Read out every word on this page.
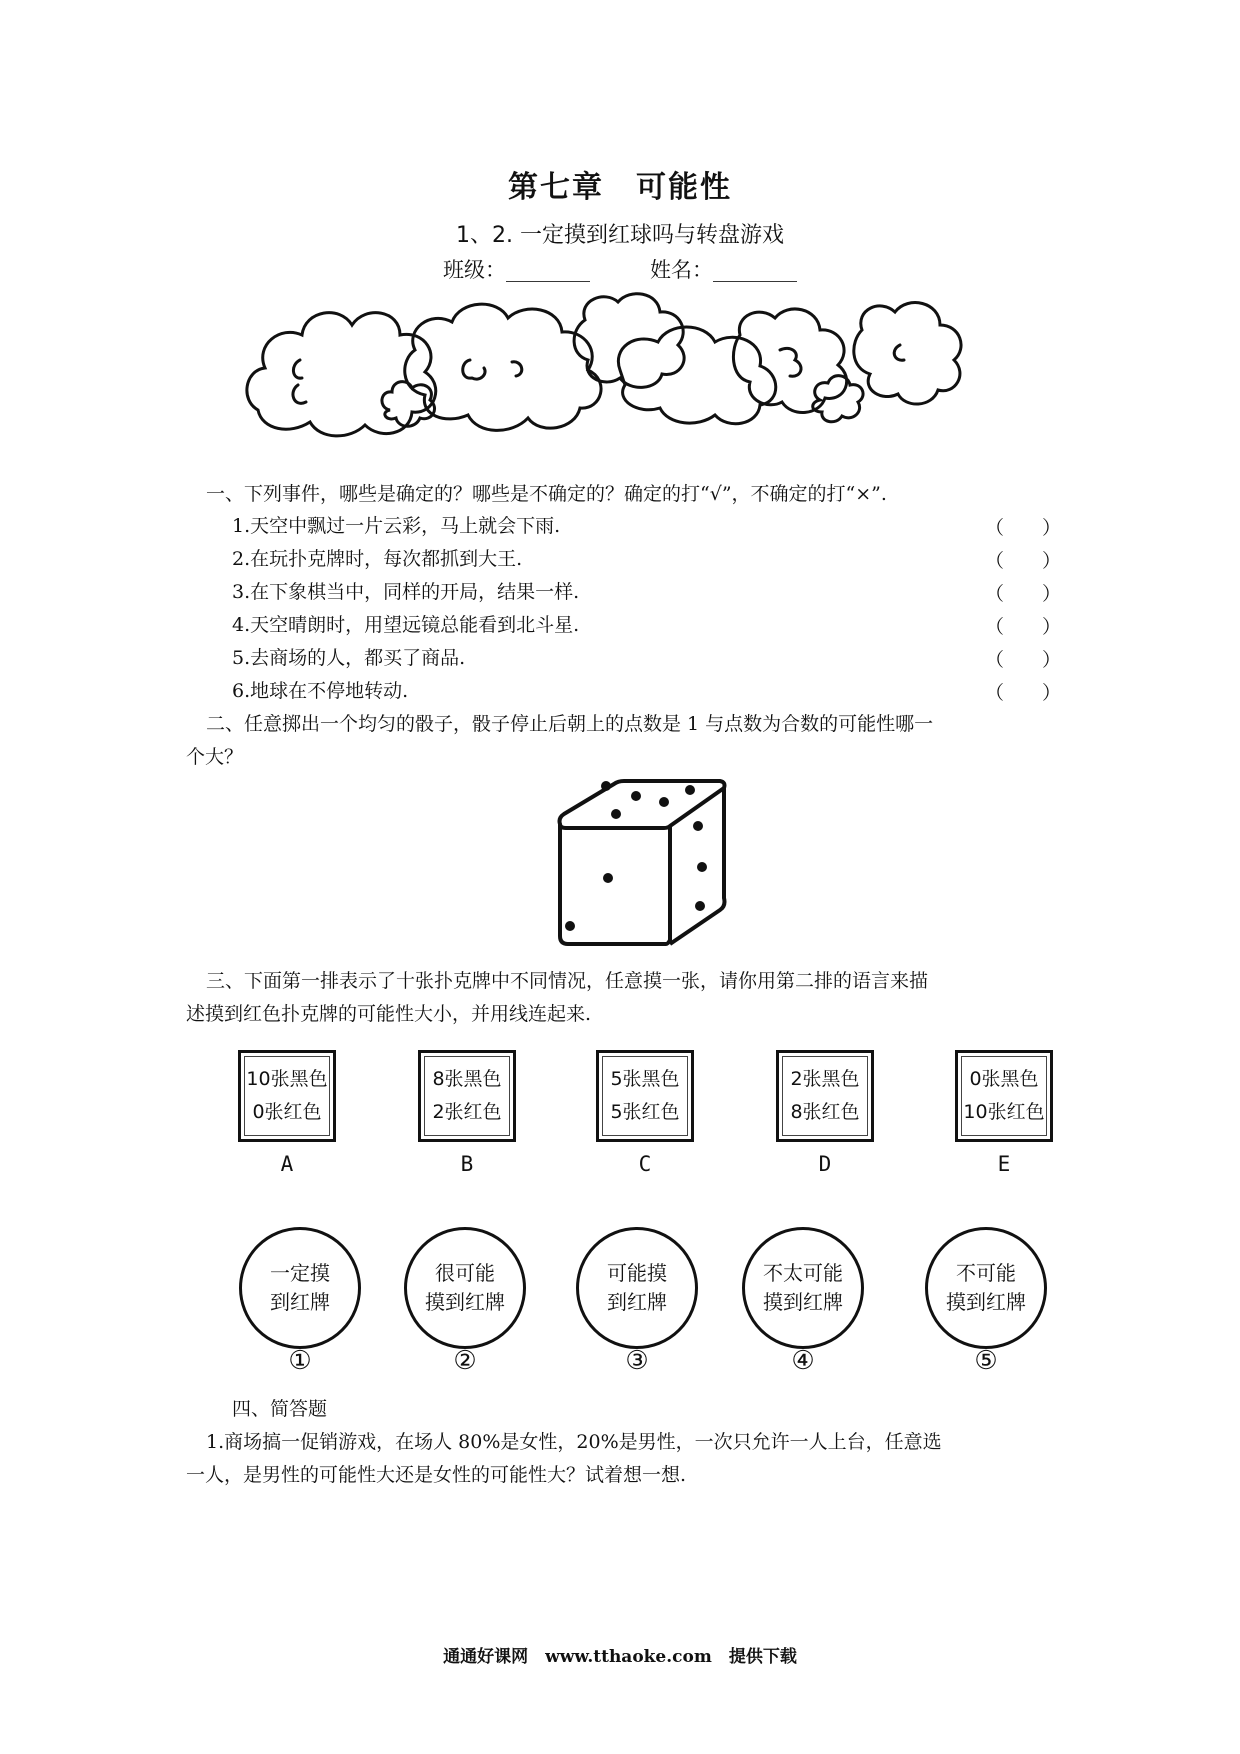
第七章　可能性
1、2. 一定摸到红球吗与转盘游戏
班级：________	姓名：________
一、下列事件，哪些是确定的？哪些是不确定的？确定的打“√”，不确定的打“×”.
1.天空中飘过一片云彩，马上就会下雨.	（　　）
2.在玩扑克牌时，每次都抓到大王.	（　　）
3.在下象棋当中，同样的开局，结果一样.	（　　）
4.天空晴朗时，用望远镜总能看到北斗星.	（　　）
5.去商场的人，都买了商品.	（　　）
6.地球在不停地转动.	（　　）
二、任意掷出一个均匀的骰子，骰子停止后朝上的点数是 1 与点数为合数的可能性哪一
个大？
三、下面第一排表示了十张扑克牌中不同情况，任意摸一张，请你用第二排的语言来描
述摸到红色扑克牌的可能性大小，并用线连起来.
10张黑色
0张红色
A
8张黑色
2张红色
B
5张黑色
5张红色
C
2张黑色
8张红色
D
0张黑色
10张红色
E
一定摸
到红牌
①
很可能
摸到红牌
②
可能摸
到红牌
③
不太可能
摸到红牌
④
不可能
摸到红牌
⑤
四、简答题
1.商场搞一促销游戏，在场人 80%是女性，20%是男性，一次只允许一人上台，任意选
一人，是男性的可能性大还是女性的可能性大？试着想一想.
通通好课网　www.tthaoke.com　提供下载
